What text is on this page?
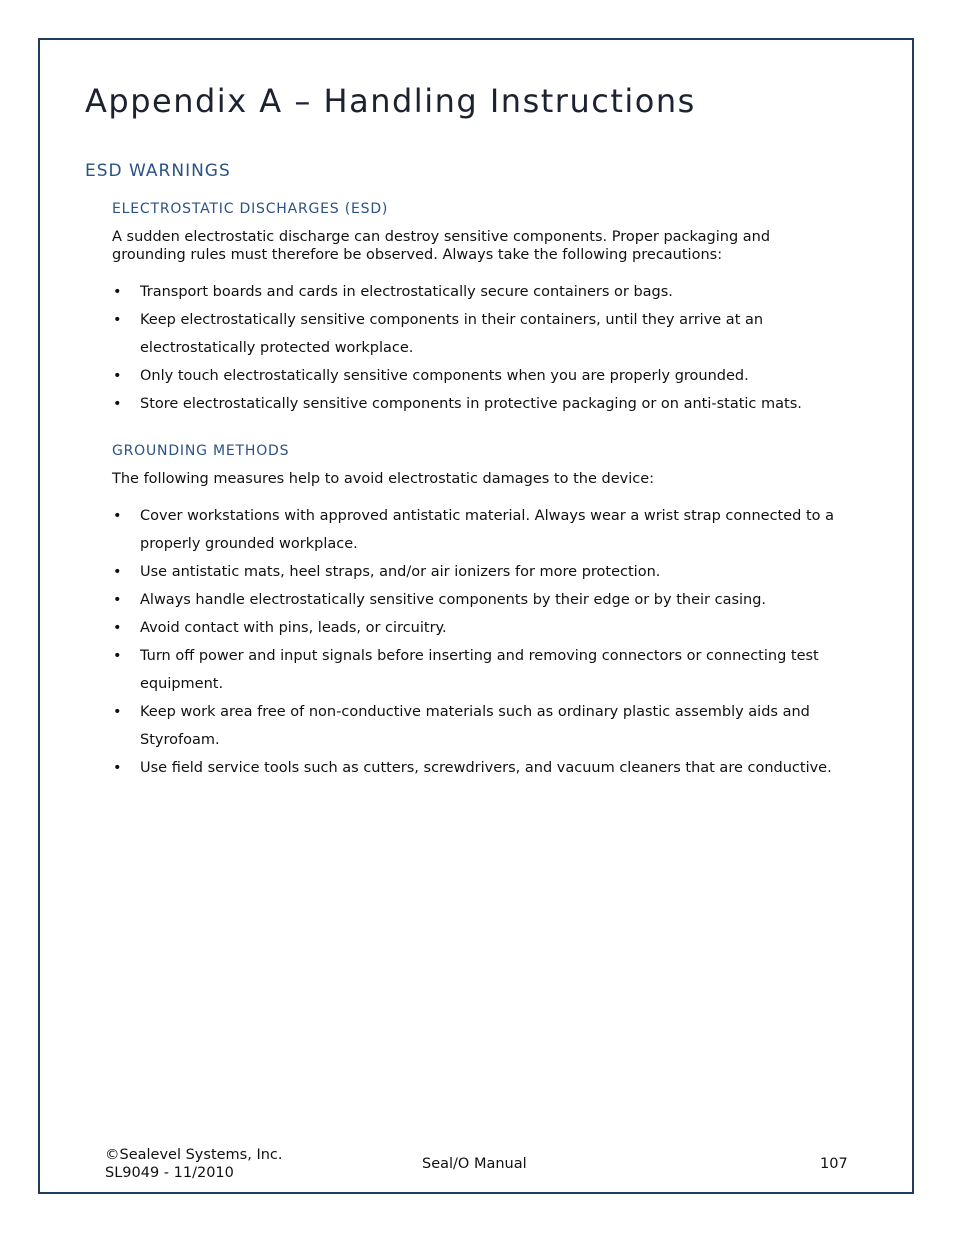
Appendix A – Handling Instructions
ESD WARNINGS
ELECTROSTATIC DISCHARGES (ESD)

A sudden electrostatic discharge can destroy sensitive components. Proper packaging and grounding rules must therefore be observed. Always take the following precautions:

• Transport boards and cards in electrostatically secure containers or bags.
• Keep electrostatically sensitive components in their containers, until they arrive at an electrostatically protected workplace.
• Only touch electrostatically sensitive components when you are properly grounded.
• Store electrostatically sensitive components in protective packaging or on anti-static mats.
GROUNDING METHODS

The following measures help to avoid electrostatic damages to the device:

• Cover workstations with approved antistatic material. Always wear a wrist strap connected to a properly grounded workplace.
• Use antistatic mats, heel straps, and/or air ionizers for more protection.
• Always handle electrostatically sensitive components by their edge or by their casing.
• Avoid contact with pins, leads, or circuitry.
• Turn off power and input signals before inserting and removing connectors or connecting test equipment.
• Keep work area free of non-conductive materials such as ordinary plastic assembly aids and Styrofoam.
• Use field service tools such as cutters, screwdrivers, and vacuum cleaners that are conductive.
©Sealevel Systems, Inc.
SL9049 - 11/2010
Seal/O Manual	107
